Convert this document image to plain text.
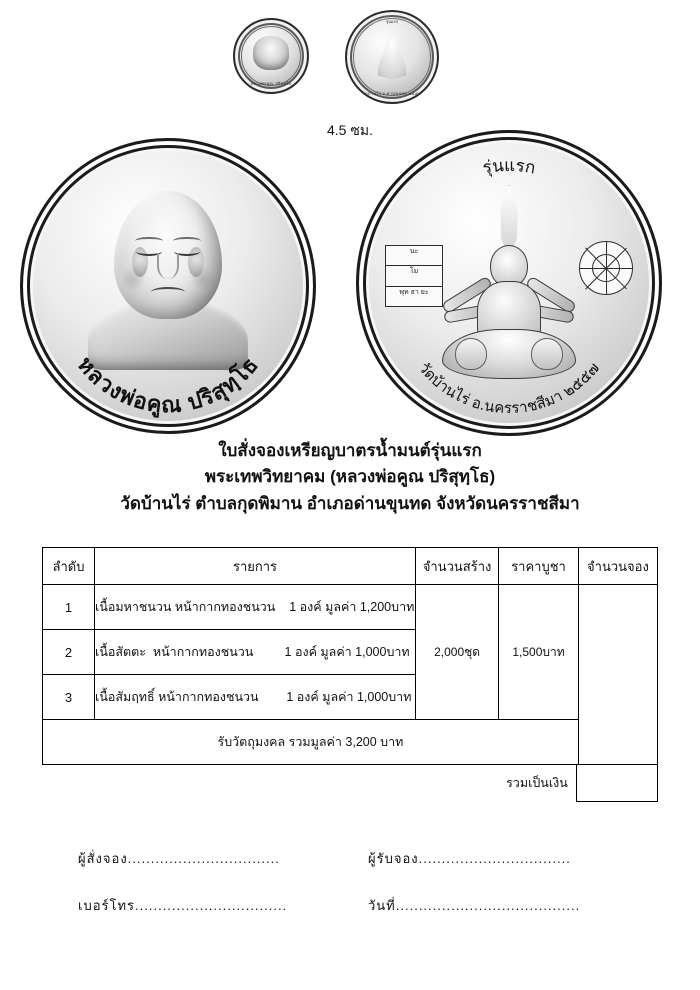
หลวงพ่อคูณ ปริสุทฺโธ
รุ่นแรก
วัดบ้านไร่ อ.ด่านขุนทด ๒๕๕๗
4.5 ซม.
หลวงพ่อคูณ ปริสุทฺโธ
นะ
โม
พุท ธา ยะ
รุ่นแรก
วัดบ้านไร่ อ.นครราชสีมา ๒๕๕๗
ใบสั่งจองเหรียญบาตรน้ำมนต์รุ่นแรก
พระเทพวิทยาคม (หลวงพ่อคูณ ปริสุทฺโธ)
วัดบ้านไร่ ตำบลกุดพิมาน อำเภอด่านขุนทด จังหวัดนครราชสีมา
ลำดับ	รายการ	จำนวนสร้าง	ราคาบูชา	จำนวนจอง
1	เนื้อมหาชนวน หน้ากากทองชนวน    1 องค์ มูลค่า 1,200บาท	2,000ชุด	1,500บาท	
2	เนื้อสัตตะ  หน้ากากทองชนวน         1 องค์ มูลค่า 1,000บาท			
3	เนื้อสัมฤทธิ์ หน้ากากทองชนวน        1 องค์ มูลค่า 1,000บาท			
รับวัตถุมงคล รวมมูลค่า 3,200 บาท				
รวมเป็นเงิน	
ผู้สั่งจอง.................................	ผู้รับจอง.................................
เบอร์โทร.................................	วันที่........................................
